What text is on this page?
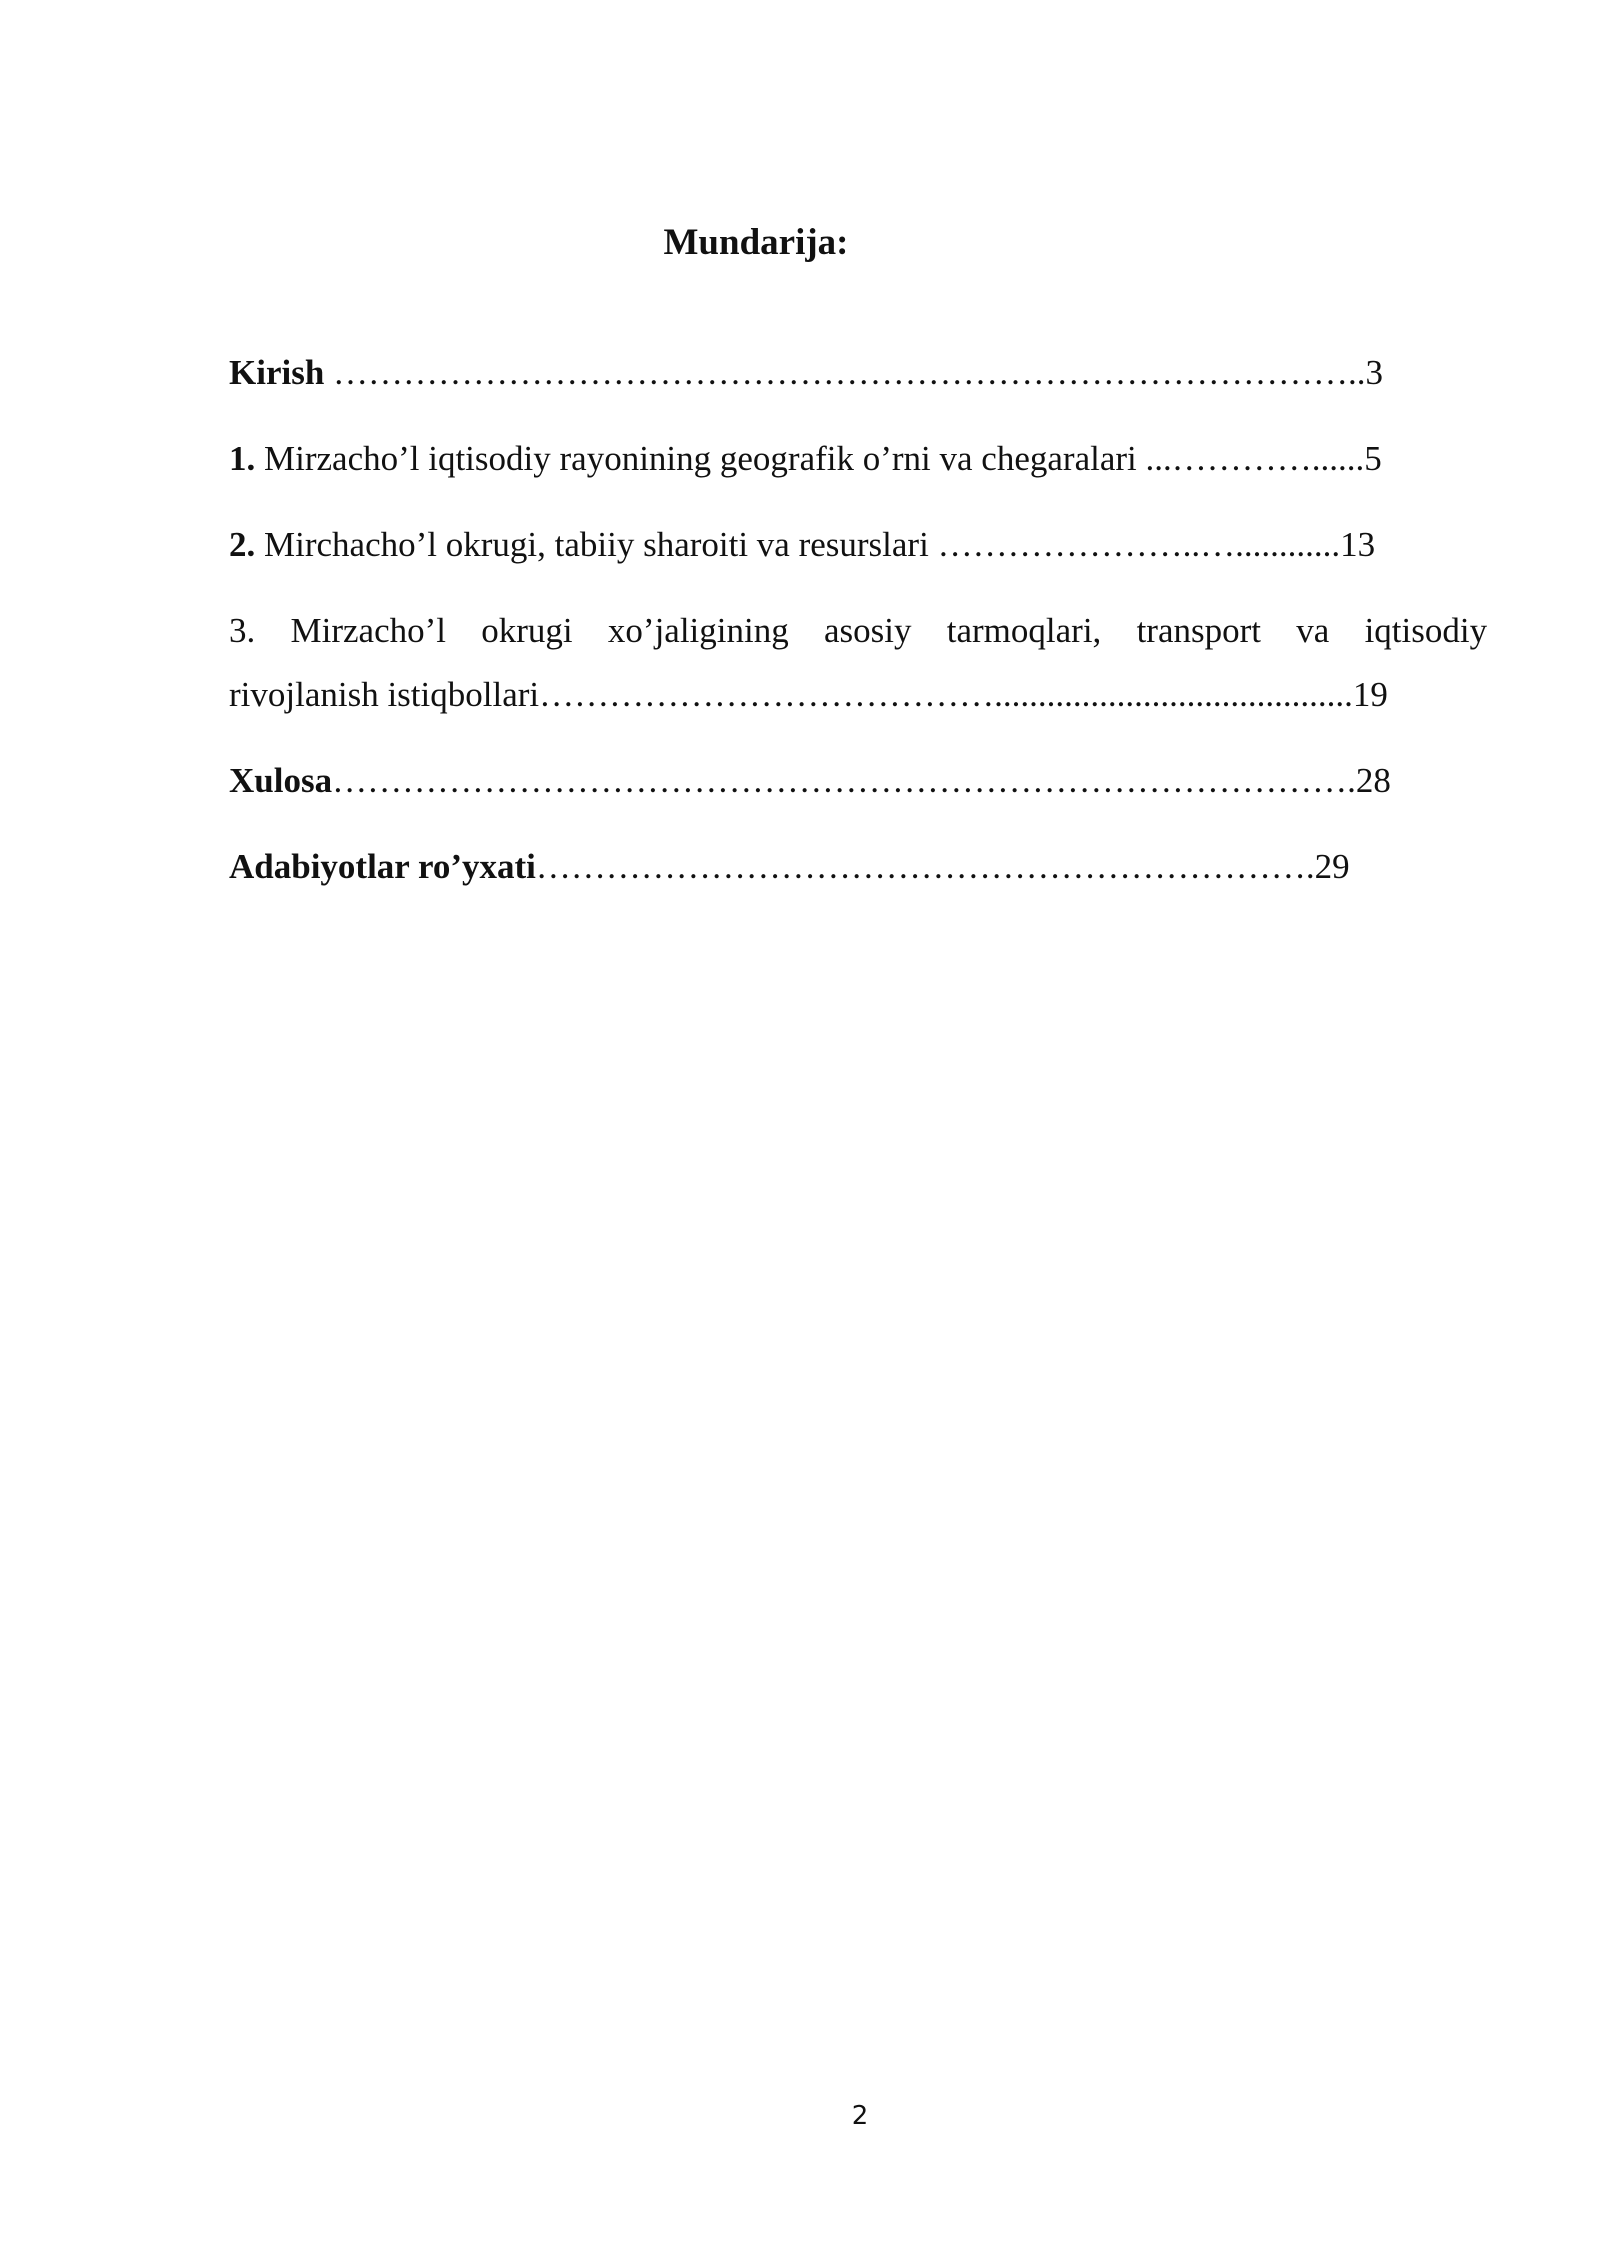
Mundarija:
Kirish ……………………………………………………………………………..3
1. Mirzacho’l iqtisodiy rayonining geografik o’rni va chegaralari ...…………......5
2. Mirchacho’l okrugi, tabiiy sharoiti va resurslari …………………..…............13
3. Mirzacho’l okrugi xo’jaligining asosiy tarmoqlari, transport va iqtisodiy
rivojlanish istiqbollari………………………………….........................................19
Xulosa…………………………………………………………………………….28
Adabiyotlar ro’yxati………………………………………………………….29
2
